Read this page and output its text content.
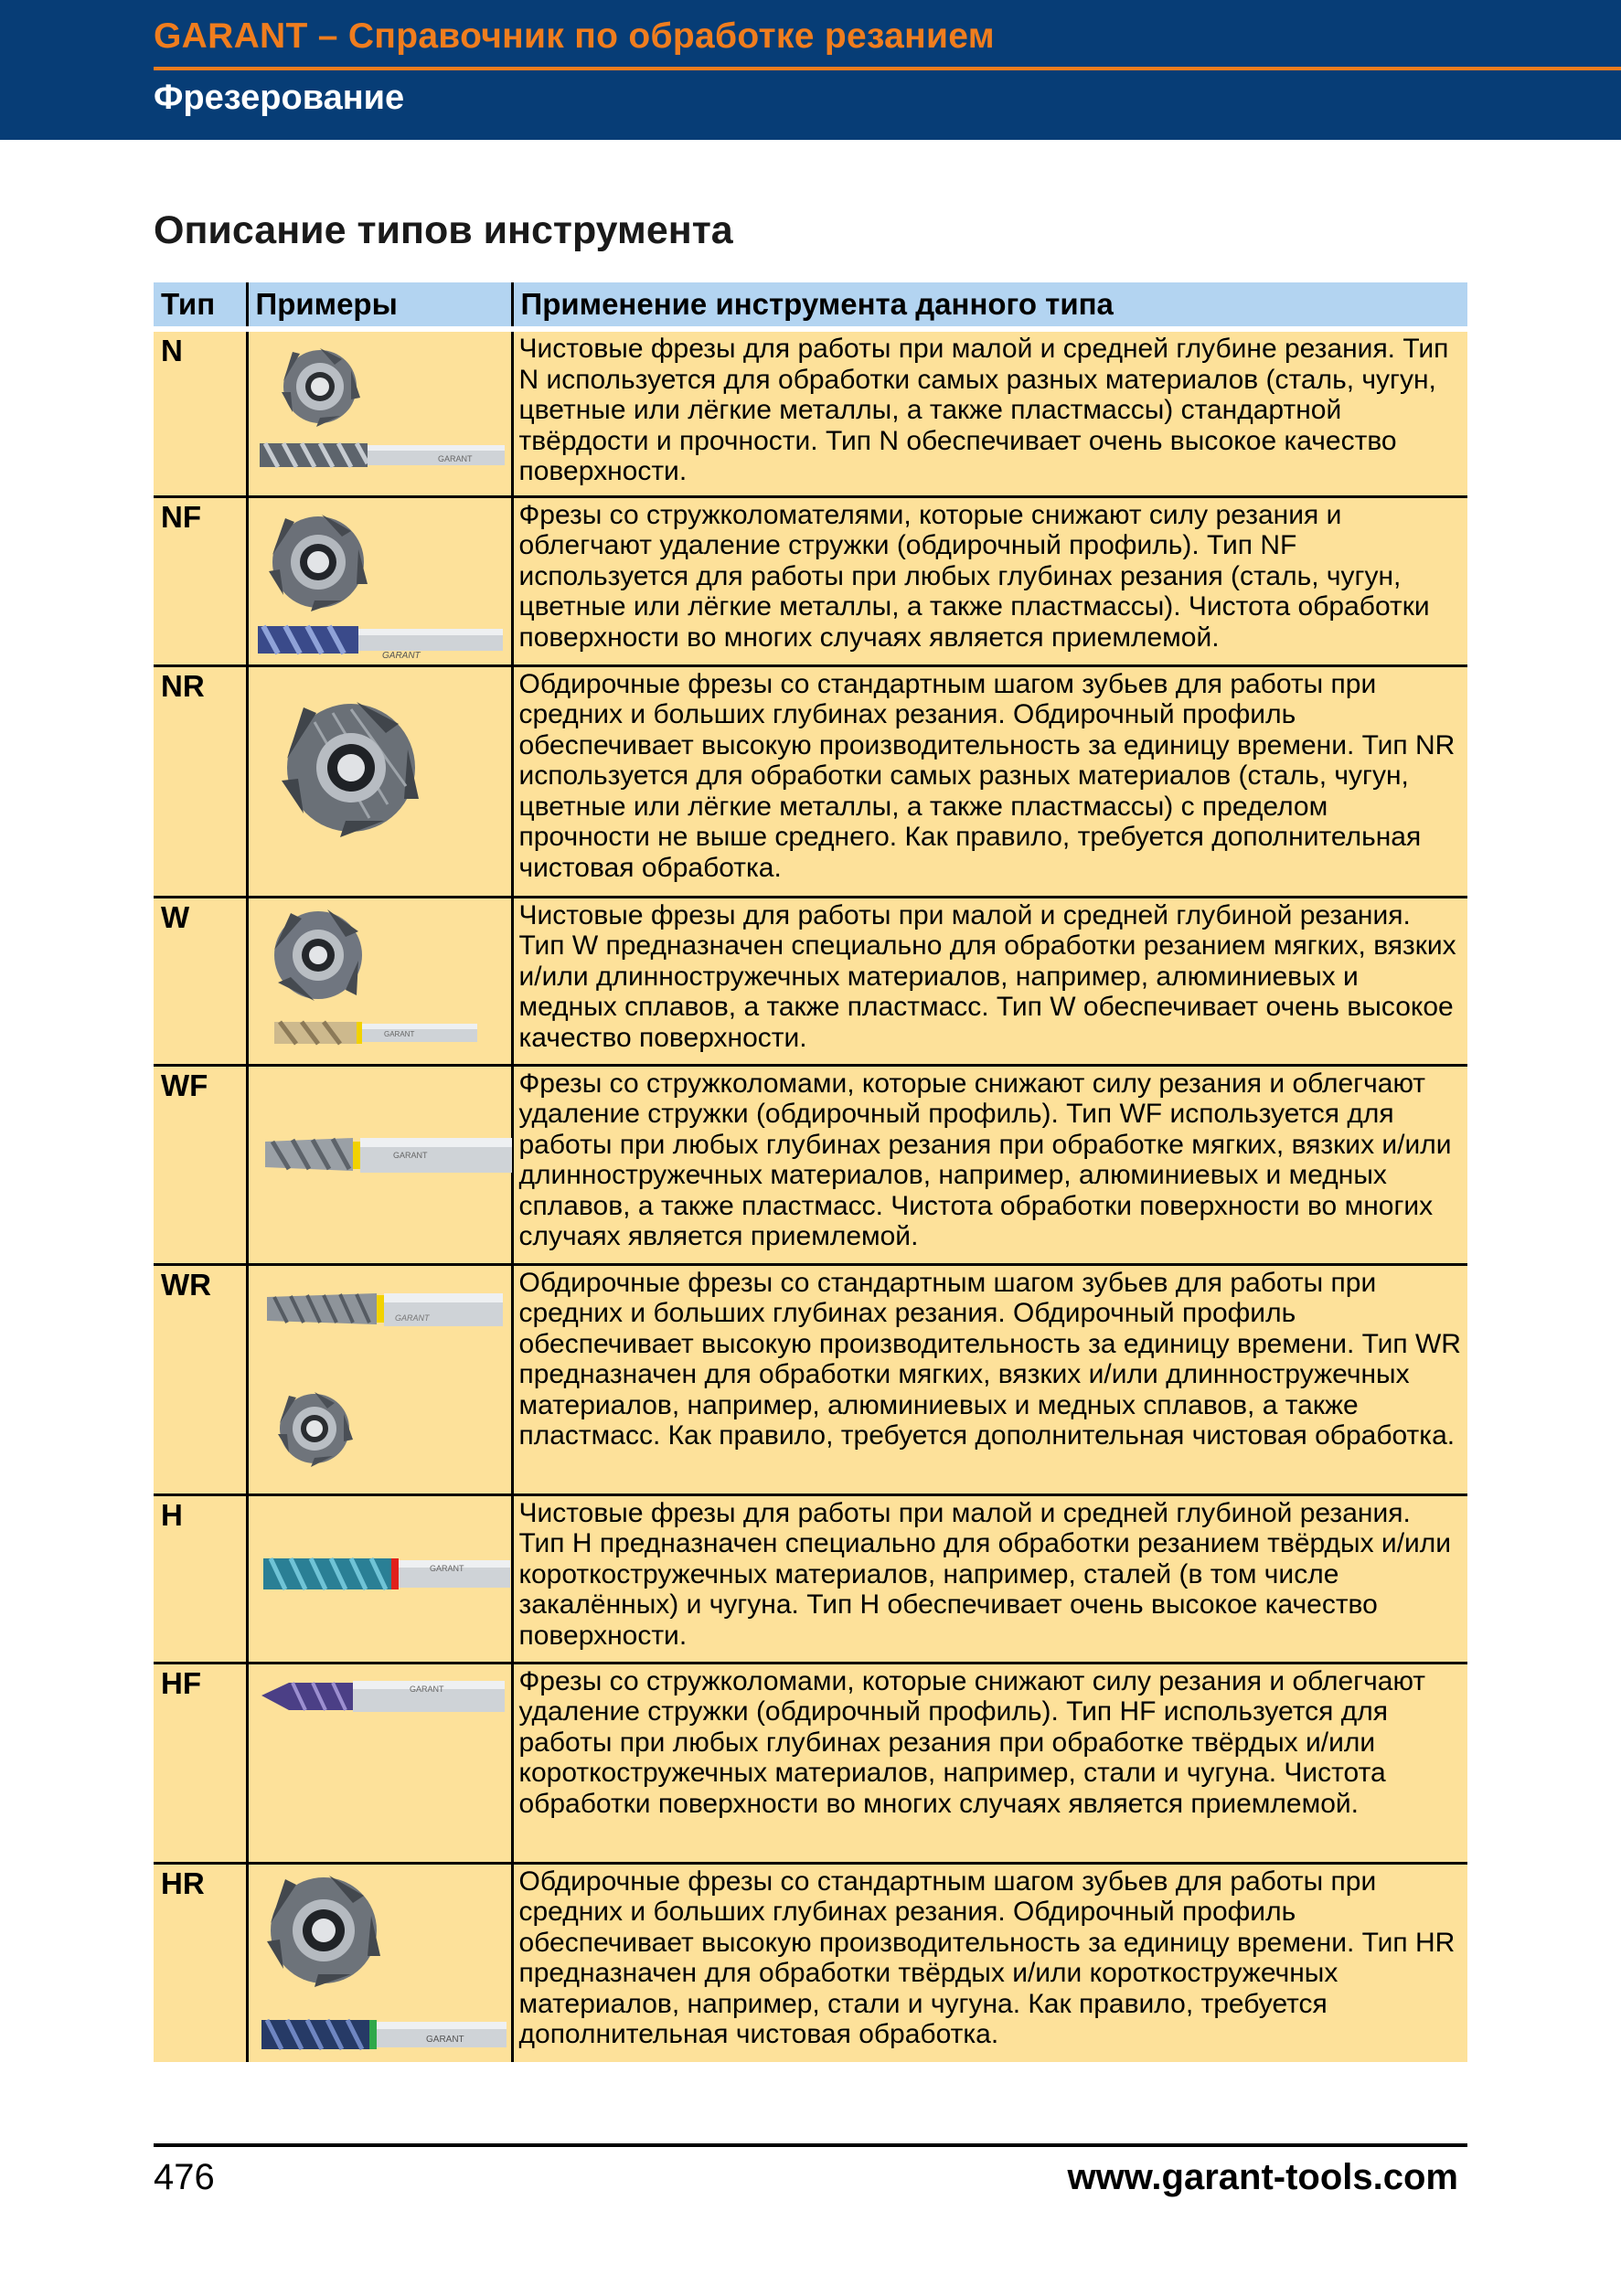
GARANT – Справочник по обработке резанием
Фрезерование
Описание типов инструмента
Тип	Примеры	Применение инструмента данного типа
N	GARANT	Чистовые фрезы для работы при малой и средней глубине резания. Тип N используется для обработки самых разных материалов (сталь, чугун, цветные или лёгкие металлы, а также пластмассы) стандартной твёрдости и прочности. Тип N обеспечивает очень высокое качество поверхности.
NF	GARANT	Фрезы со стружколомателями, которые снижают силу резания и облегчают удаление стружки (обдирочный профиль). Тип NF используется для работы при любых глубинах резания (сталь, чугун, цветные или лёгкие металлы, а также пластмассы). Чистота обработки поверхности во многих случаях является приемлемой.
NR		Обдирочные фрезы со стандартным шагом зубьев для работы при средних и больших глубинах резания. Обдирочный профиль обеспечивает высокую производительность за единицу времени. Тип NR используется для обработки самых разных материалов (сталь, чугун, цветные или лёгкие металлы, а также пластмассы) с пределом прочности не выше среднего. Как правило, требуется дополнительная чистовая обработка.
W	GARANT	Чистовые фрезы для работы при малой и средней глубиной резания. Тип W предназначен специально для обработки резанием мягких, вязких и/или длинностружечных материалов, например, алюминиевых и медных сплавов, а также пластмасс. Тип W обеспечивает очень высокое качество поверхности.
WF	GARANT	Фрезы со стружколомами, которые снижают силу резания и облегчают удаление стружки (обдирочный профиль). Тип WF используется для работы при любых глубинах резания при обработке мягких, вязких и/или длинностружечных материалов, например, алюминиевых и медных сплавов, а также пластмасс. Чистота обработки поверхности во многих случаях является приемлемой.
WR	GARANT	Обдирочные фрезы со стандартным шагом зубьев для работы при средних и больших глубинах резания. Обдирочный профиль обеспечивает высокую производительность за единицу времени. Тип WR предназначен для обработки мягких, вязких и/или длинностружечных материалов, например, алюминиевых и медных сплавов, а также пластмасс. Как правило, требуется дополнительная чистовая обработка.
H	GARANT	Чистовые фрезы для работы при малой и средней глубиной резания. Тип H предназначен специально для обработки резанием твёрдых и/или короткостружечных материалов, например, сталей (в том числе закалённых) и чугуна. Тип H обеспечивает очень высокое качество поверхности.
HF	GARANT	Фрезы со стружколомами, которые снижают силу резания и облегчают удаление стружки (обдирочный профиль). Тип HF используется для работы при любых глубинах резания при обработке твёрдых и/или короткостружечных материалов, например, стали и чугуна. Чистота обработки поверхности во многих случаях является приемлемой.
HR	GARANT	Обдирочные фрезы со стандартным шагом зубьев для работы при средних и больших глубинах резания. Обдирочный профиль обеспечивает высокую производительность за единицу времени. Тип HR предназначен для обработки твёрдых и/или короткостружечных материалов, например, стали и чугуна. Как правило, требуется дополнительная чистовая обработка.
476	www.garant-tools.com
